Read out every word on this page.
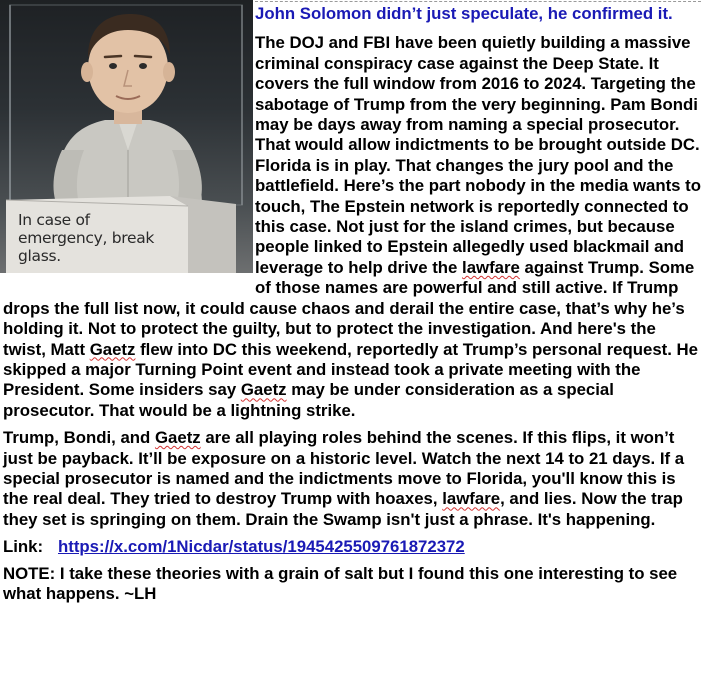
In case of emergency, break glass.

John Solomon didn’t just speculate, he confirmed it.

The DOJ and FBI have been quietly building a massive criminal conspiracy case against the Deep State. It covers the full window from 2016 to 2024. Targeting the sabotage of Trump from the very beginning. Pam Bondi may be days away from naming a special prosecutor. That would allow indictments to be brought outside DC. Florida is in play. That changes the jury pool and the battlefield. Here’s the part nobody in the media wants to touch, The Epstein network is reportedly connected to this case. Not just for the island crimes, but because people linked to Epstein allegedly used blackmail and leverage to help drive the lawfare against Trump. Some of those names are powerful and still active. If Trump drops the full list now, it could cause chaos and derail the entire case, that’s why he’s holding it. Not to protect the guilty, but to protect the investigation. And here's the twist, Matt Gaetz flew into DC this weekend, reportedly at Trump’s personal request. He skipped a major Turning Point event and instead took a private meeting with the President. Some insiders say Gaetz may be under consideration as a special prosecutor. That would be a lightning strike.

Trump, Bondi, and Gaetz are all playing roles behind the scenes. If this flips, it won’t just be payback. It’ll be exposure on a historic level. Watch the next 14 to 21 days. If a special prosecutor is named and the indictments move to Florida, you'll know this is the real deal. They tried to destroy Trump with hoaxes, lawfare, and lies. Now the trap they set is springing on them. Drain the Swamp isn't just a phrase. It's happening.

Link: https://x.com/1Nicdar/status/1945425509761872372

NOTE: I take these theories with a grain of salt but I found this one interesting to see what happens. ~LH
